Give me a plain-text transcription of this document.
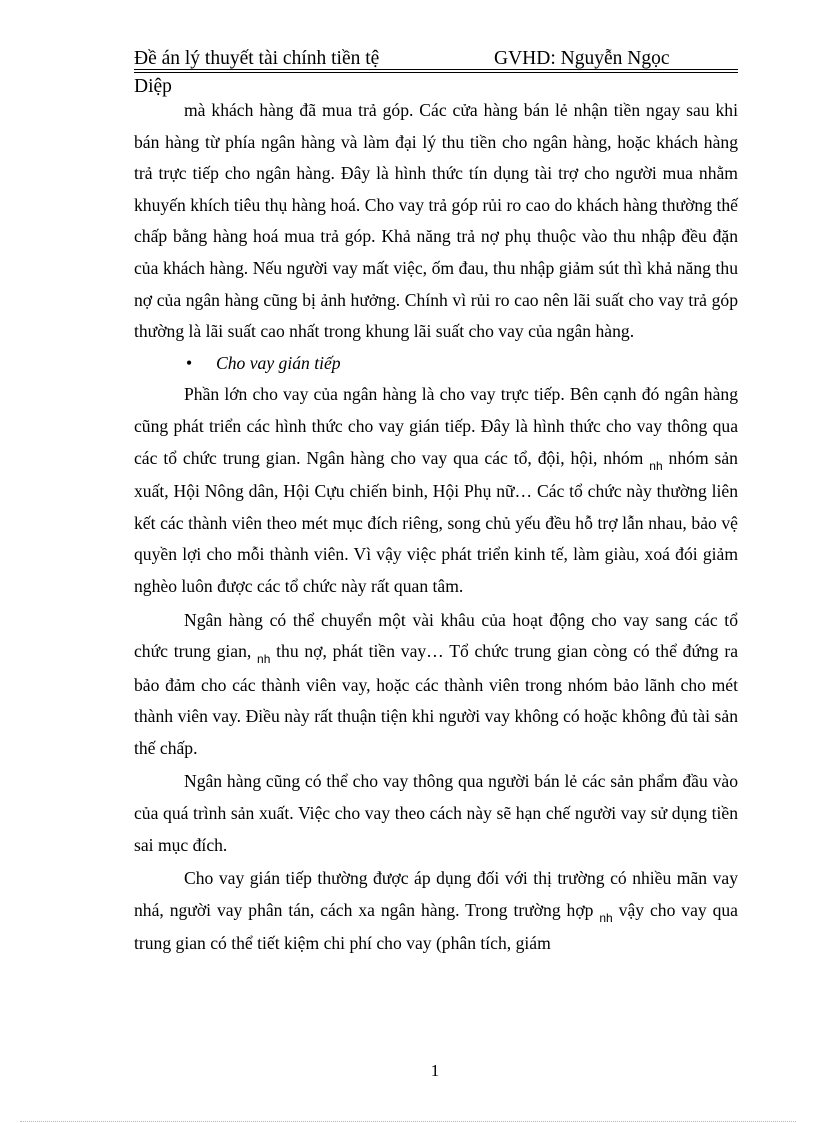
Đề án lý thuyết tài chính tiền tệ	GVHD: Nguyễn Ngọc
Diệp

mà khách hàng đã mua trả góp. Các cửa hàng bán lẻ nhận tiền ngay sau khi bán hàng từ phía ngân hàng và làm đại lý thu tiền cho ngân hàng, hoặc khách hàng trả trực tiếp cho ngân hàng. Đây là hình thức tín dụng tài trợ cho người mua nhằm khuyến khích tiêu thụ hàng hoá. Cho vay trả góp rủi ro cao do khách hàng thường thế chấp bằng hàng hoá mua trả góp. Khả năng trả nợ phụ thuộc vào thu nhập đều đặn của khách hàng. Nếu người vay mất việc, ốm đau, thu nhập giảm sút thì khả năng thu nợ của ngân hàng cũng bị ảnh hưởng. Chính vì rủi ro cao nên lãi suất cho vay trả góp thường là lãi suất cao nhất trong khung lãi suất cho vay của ngân hàng.

• Cho vay gián tiếp

Phần lớn cho vay của ngân hàng là cho vay trực tiếp. Bên cạnh đó ngân hàng cũng phát triển các hình thức cho vay gián tiếp. Đây là hình thức cho vay thông qua các tổ chức trung gian. Ngân hàng cho vay qua các tổ, đội, hội, nhóm $_{nh}$ nhóm sản xuất, Hội Nông dân, Hội Cựu chiến binh, Hội Phụ nữ… Các tổ chức này thường liên kết các thành viên theo mét mục đích riêng, song chủ yếu đều hỗ trợ lẫn nhau, bảo vệ quyền lợi cho mỗi thành viên. Vì vậy việc phát triển kinh tế, làm giàu, xoá đói giảm nghèo luôn được các tổ chức này rất quan tâm.

Ngân hàng có thể chuyển một vài khâu của hoạt động cho vay sang các tổ chức trung gian, $_{nh}$ thu nợ, phát tiền vay… Tổ chức trung gian còng có thể đứng ra bảo đảm cho các thành viên vay, hoặc các thành viên trong nhóm bảo lãnh cho mét thành viên vay. Điều này rất thuận tiện khi người vay không có hoặc không đủ tài sản thế chấp.

Ngân hàng cũng có thể cho vay thông qua người bán lẻ các sản phẩm đầu vào của quá trình sản xuất. Việc cho vay theo cách này sẽ hạn chế người vay sử dụng tiền sai mục đích.

Cho vay gián tiếp thường được áp dụng đối với thị trường có nhiều mãn vay nhá, người vay phân tán, cách xa ngân hàng. Trong trường hợp $_{nh}$ vậy cho vay qua trung gian có thể tiết kiệm chi phí cho vay (phân tích, giám

1
